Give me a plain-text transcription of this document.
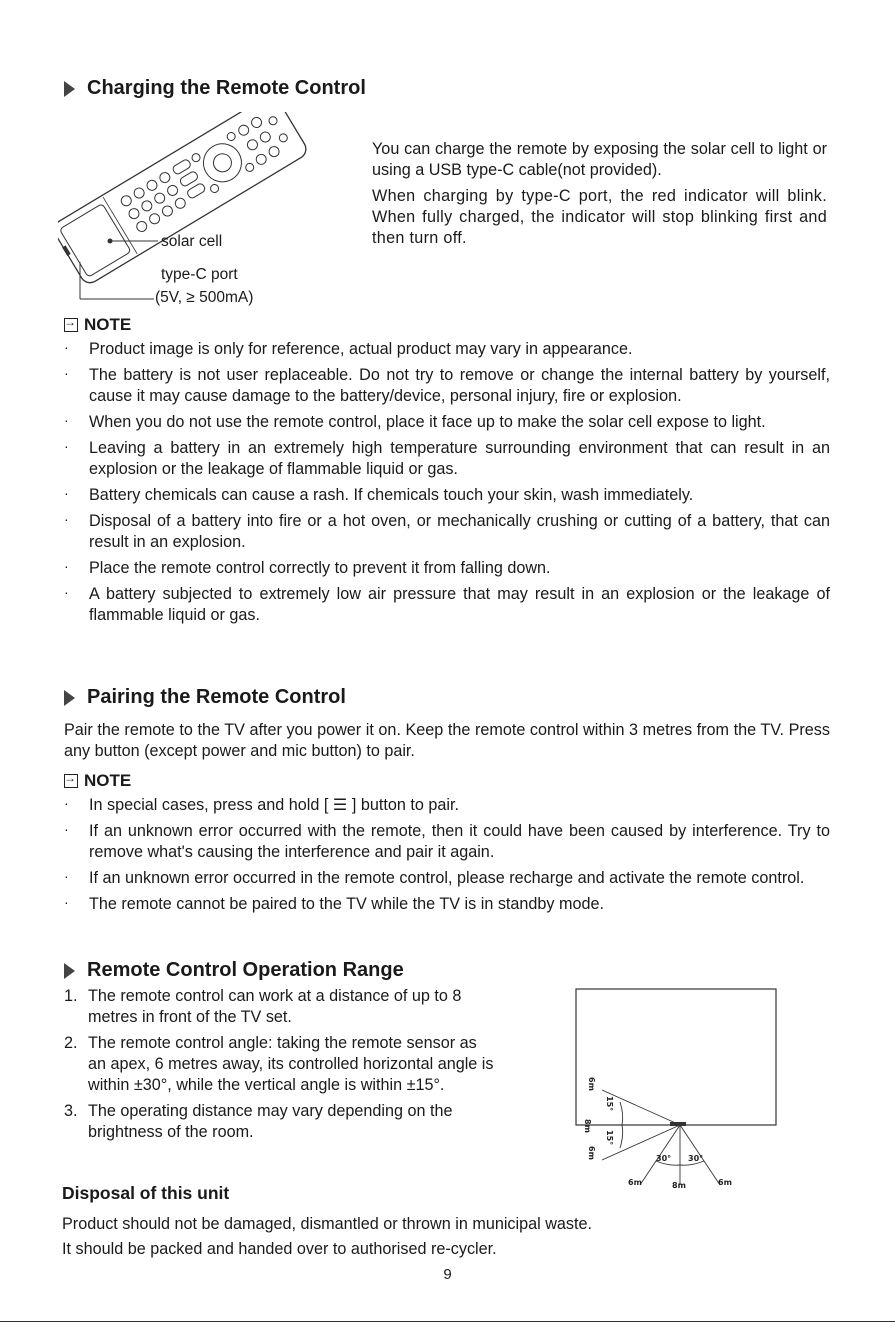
Charging the Remote Control
solar cell
type-C port
(5V, ≥ 500mA)

You can charge the remote by exposing the solar cell to light or using a USB type-C cable(not provided).

When charging by type-C port, the red indicator will blink. When fully charged, the indicator will stop blinking first and then turn off.

→
NOTE
· Product image is only for reference, actual product may vary in appearance.
· The battery is not user replaceable. Do not try to remove or change the internal battery by yourself, cause it may cause damage to the battery/device, personal injury, fire or explosion.
· When you do not use the remote control, place it face up to make the solar cell expose to light.
· Leaving a battery in an extremely high temperature surrounding environment that can result in an explosion or the leakage of flammable liquid or gas.
· Battery chemicals can cause a rash. If chemicals touch your skin, wash immediately.
· Disposal of a battery into fire or a hot oven, or mechanically crushing or cutting of a battery, that can result in an explosion.
· Place the remote control correctly to prevent it from falling down.
· A battery subjected to extremely low air pressure that may result in an explosion or the leakage of flammable liquid or gas.
Pairing the Remote Control

Pair the remote to the TV after you power it on. Keep the remote control within 3 metres from the TV. Press any button (except power and mic button) to pair.

→
NOTE
· In special cases, press and hold [ ☰ ] button to pair.
· If an unknown error occurred with the remote, then it could have been caused by interference. Try to remove what's causing the interference and pair it again.
· If an unknown error occurred in the remote control, please recharge and activate the remote control.
· The remote cannot be paired to the TV while the TV is in standby mode.
Remote Control Operation Range
1. The remote control can work at a distance of up to 8 metres in front of the TV set.
2. The remote control angle: taking the remote sensor as an apex, 6 metres away, its controlled horizontal angle is within ±30°, while the vertical angle is within ±15°.
3. The operating distance may vary depending on the brightness of the room.
6m
15°
8m
15°
6m	30° 30°
6m	8m	6m
Disposal of this unit

Product should not be damaged, dismantled or thrown in municipal waste.

It should be packed and handed over to authorised re-cycler.

9
